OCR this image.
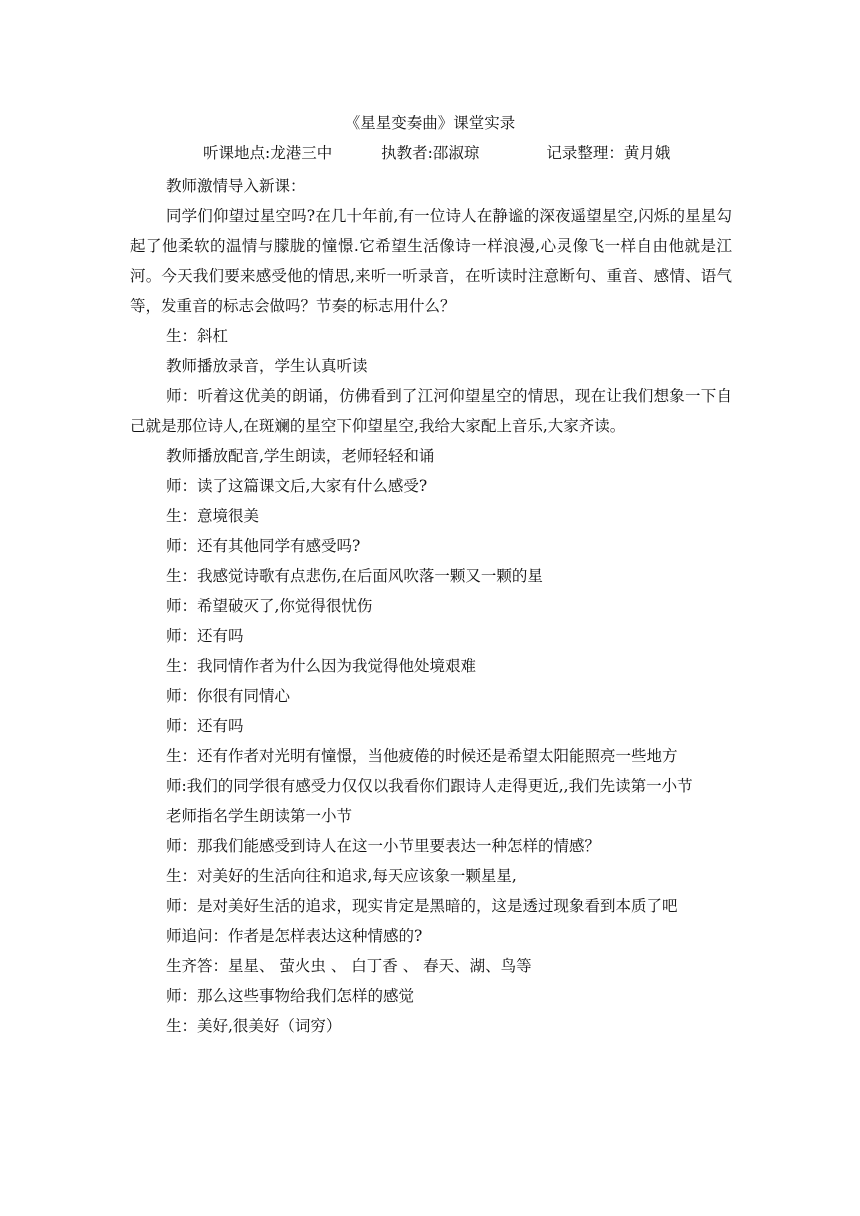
《星星变奏曲》课堂实录
听课地点:龙港三中	执教者:邵淑琼	记录整理：黄月娥

教师激情导入新课：

同学们仰望过星空吗?在几十年前,有一位诗人在静谧的深夜遥望星空,闪烁的星星勾起了他柔软的温情与朦胧的憧憬.它希望生活像诗一样浪漫,心灵像飞一样自由他就是江河。今天我们要来感受他的情思,来听一听录音，在听读时注意断句、重音、感情、语气等，发重音的标志会做吗？节奏的标志用什么？

生：斜杠

教师播放录音，学生认真听读

师：听着这优美的朗诵，仿佛看到了江河仰望星空的情思，现在让我们想象一下自己就是那位诗人,在斑斓的星空下仰望星空,我给大家配上音乐,大家齐读。

教师播放配音,学生朗读，老师轻轻和诵

师：读了这篇课文后,大家有什么感受?

生：意境很美

师：还有其他同学有感受吗?

生：我感觉诗歌有点悲伤,在后面风吹落一颗又一颗的星

师：希望破灭了,你觉得很忧伤

师：还有吗

生：我同情作者为什么因为我觉得他处境艰难

师：你很有同情心

师：还有吗

生：还有作者对光明有憧憬，当他疲倦的时候还是希望太阳能照亮一些地方

师:我们的同学很有感受力仅仅以我看你们跟诗人走得更近,,我们先读第一小节

老师指名学生朗读第一小节

师：那我们能感受到诗人在这一小节里要表达一种怎样的情感？

生：对美好的生活向往和追求,每天应该象一颗星星,

师：是对美好生活的追求，现实肯定是黑暗的，这是透过现象看到本质了吧

师追问：作者是怎样表达这种情感的?

生齐答：星星、 萤火虫 、 白丁香 、 春天、湖、鸟等

师：那么这些事物给我们怎样的感觉

生：美好,很美好（词穷）
